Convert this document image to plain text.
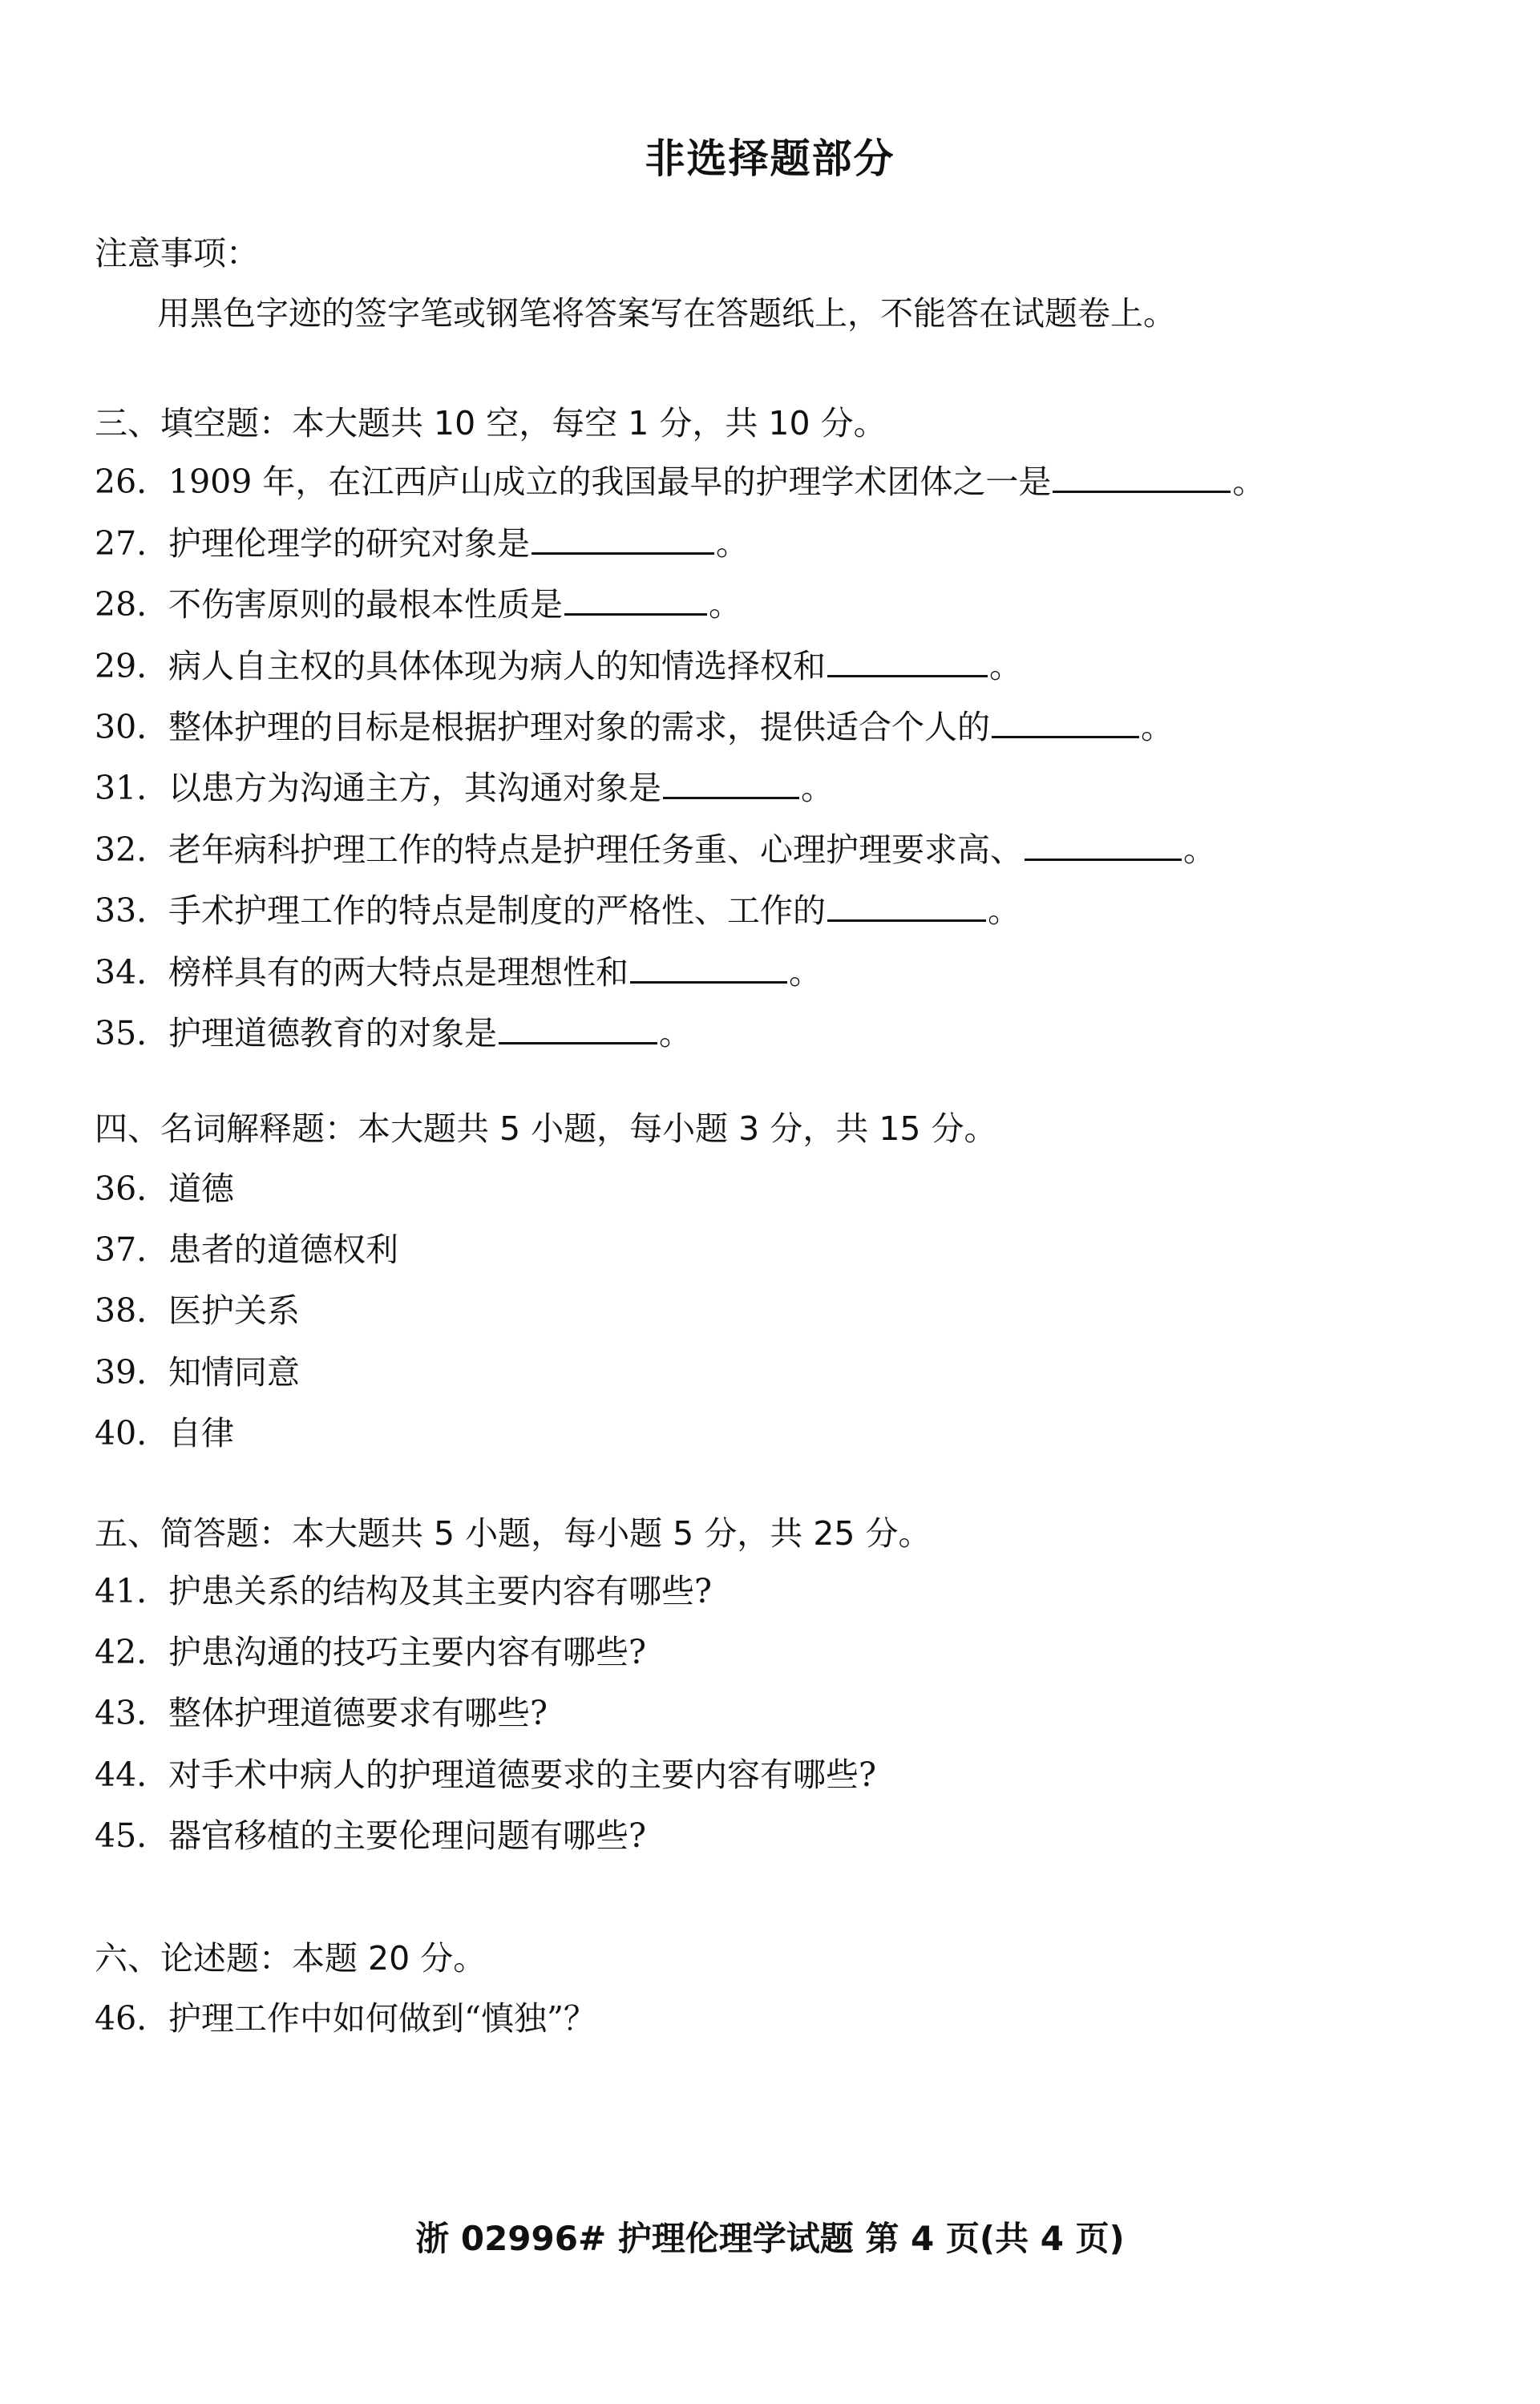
非选择题部分
注意事项：
用黑色字迹的签字笔或钢笔将答案写在答题纸上，不能答在试题卷上。
三、填空题：本大题共 10 空，每空 1 分，共 10 分。
26. 1909 年，在江西庐山成立的我国最早的护理学术团体之一是	。
27. 护理伦理学的研究对象是	。
28. 不伤害原则的最根本性质是	。
29. 病人自主权的具体体现为病人的知情选择权和	。
30. 整体护理的目标是根据护理对象的需求，提供适合个人的	。
31. 以患方为沟通主方，其沟通对象是	。
32. 老年病科护理工作的特点是护理任务重、心理护理要求高、	。
33. 手术护理工作的特点是制度的严格性、工作的	。
34. 榜样具有的两大特点是理想性和	。
35. 护理道德教育的对象是	。
四、名词解释题：本大题共 5 小题，每小题 3 分，共 15 分。
36. 道德
37. 患者的道德权利
38. 医护关系
39. 知情同意
40. 自律
五、简答题：本大题共 5 小题，每小题 5 分，共 25 分。
41. 护患关系的结构及其主要内容有哪些?
42. 护患沟通的技巧主要内容有哪些?
43. 整体护理道德要求有哪些?
44. 对手术中病人的护理道德要求的主要内容有哪些?
45. 器官移植的主要伦理问题有哪些?
六、论述题：本题 20 分。
46. 护理工作中如何做到“慎独”？
浙 02996# 护理伦理学试题 第 4 页(共 4 页)
